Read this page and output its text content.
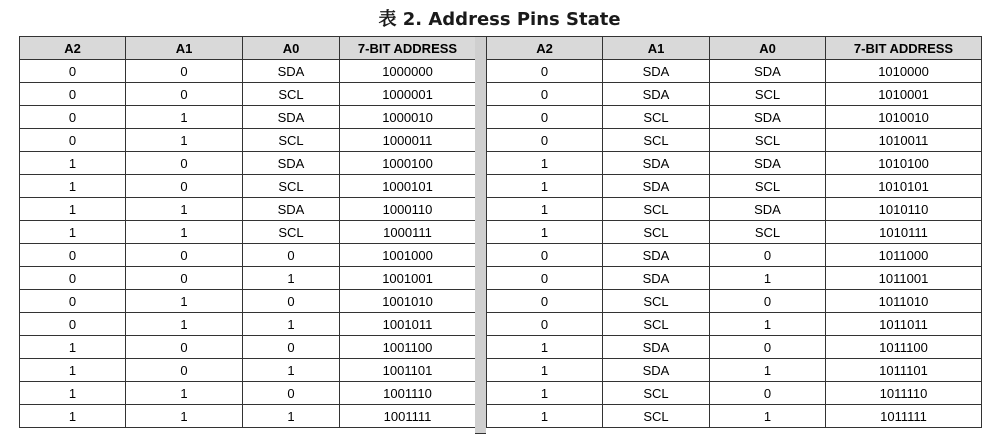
表 2. Address Pins State
A2	A1	A0	7-BIT ADDRESS
0	0	SDA	1000000
0	0	SCL	1000001
0	1	SDA	1000010
0	1	SCL	1000011
1	0	SDA	1000100
1	0	SCL	1000101
1	1	SDA	1000110
1	1	SCL	1000111
0	0	0	1001000
0	0	1	1001001
0	1	0	1001010
0	1	1	1001011
1	0	0	1001100
1	0	1	1001101
1	1	0	1001110
1	1	1	1001111
A2	A1	A0	7-BIT ADDRESS
0	SDA	SDA	1010000
0	SDA	SCL	1010001
0	SCL	SDA	1010010
0	SCL	SCL	1010011
1	SDA	SDA	1010100
1	SDA	SCL	1010101
1	SCL	SDA	1010110
1	SCL	SCL	1010111
0	SDA	0	1011000
0	SDA	1	1011001
0	SCL	0	1011010
0	SCL	1	1011011
1	SDA	0	1011100
1	SDA	1	1011101
1	SCL	0	1011110
1	SCL	1	1011111
